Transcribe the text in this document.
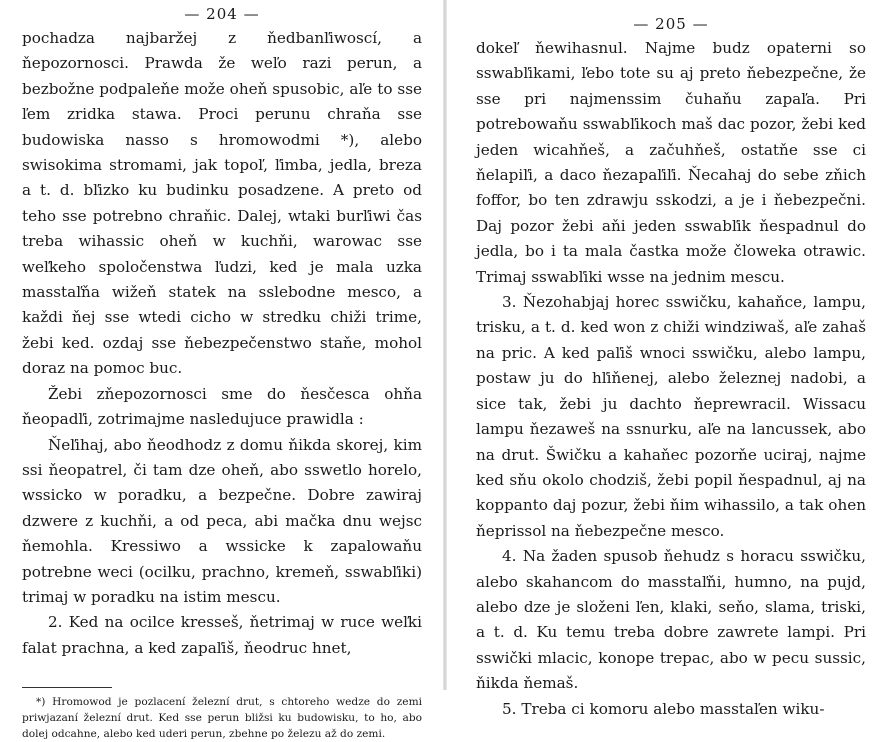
— 204 —

pochadza najbaržej z ňedbanľiwoscí, a ňepozornosci. Prawda že weľo razi perun, a bezbožne podpaleňe može oheň spusobic, aľe to sse ľem zridka stawa. Proci perunu chraňa sse budowiska nasso s hromowodmi *), alebo swisokima stromami, jak topoľ, ľimba, jedla, breza a t. d. bľizko ku budinku posadzene. A preto od teho sse potrebno chraňic. Dalej, wtaki burľiwi čas treba wihassic oheň w kuchňi, warowac sse weľkeho spoločenstwa ľudzi, ked je mala uzka masstaľňa wižeň statek na sslebodne mesco, a každi ňej sse wtedi cicho w stredku chiži trime, žebi ked. ozdaj sse ňebezpečenstwo staňe, mohol doraz na pomoc buc.

Žebi zňepozornosci sme do ňesčesca ohňa ňeopadľi, zotrimajme nasleduјuce prawidla :

Ňeľihaj, abo ňeodhodz z domu ňikda skorej, kim ssi ňeopatrel, či tam dze oheň, abo sswetlo horelo, wssicko w poradku, a bezpečne. Dobre zawiraj dzwere z kuchňi, a od peca, abi mačka dnu wejsc ňemohla. Kressiwo a wssicke k zapalowaňu potrebne weci (ocilku, prachno, kremeň, sswabľiki) trimaj w poradku na istim mescu.

2. Ked na ocilce kresseš, ňetrimaj w ruce weľki falat prachna, a ked zapaľiš, ňeodruc hnet,

*) Hromowod je pozlacení železní drut, s chtoreho wedze do zemi priwjazaní železní drut. Ked sse perun bližsi ku budowisku, to ho, abo dolej odcahne, alebo ked uderi perun, zbehne po železu až do zemi.

— 205 —

dokeľ ňewihasnul. Najme budz opaterni so sswabľikami, ľebo tote su aj preto ňebezpečne, že sse pri najmenssim čuhaňu zapaľa. Pri potrebowaňu sswabľikoch maš dac pozor, žebi ked jeden wicahňeš, a začuhňeš, ostatňe sse ci ňelapiľi, a daco ňezapaľiľi. Ňecahaj do sebe zňich foffor, bo ten zdrawju sskodzi, a je i ňebezpečni. Daj pozor žebi aňi jeden sswabľik ňespadnul do jedla, bo i ta mala častka može čloweka otrawic. Trimaj sswabľiki wsse na jednim mescu.

3. Ňezohabjaj horec sswičku, kahaňce, lampu, trisku, a t. d. ked won z chiži windziwaš, aľe zahaš na pric. A ked paľiš wnoci sswičku, alebo lampu, postaw ju do hľiňenej, alebo železnej nadobi, a sice tak, žebi ju dachto ňeprewracil. Wissacu lampu ňezaweš na ssnurku, aľe na lancussek, abo na drut. Šwičku a kahaňec pozorňe uciraj, najme ked sňu okolo chodziš, žebi popil ňespadnul, aj na koppanto daj pozur, žebi ňim wihassilo, a tak ohen ňeprissol na ňebezpečne mesco.

4. Na žaden spusob ňehudz s horacu sswičku, alebo skahancom do masstaľňi, humno, na pujd, alebo dze je složeni ľen, klaki, seňo, slama, triski, a t. d. Ku temu treba dobre zawrete lampi. Pri sswički mlacic, konope trepac, abo w pecu sussic, ňikda ňemaš.

5. Treba ci komoru alebo masstaľen wiku-
